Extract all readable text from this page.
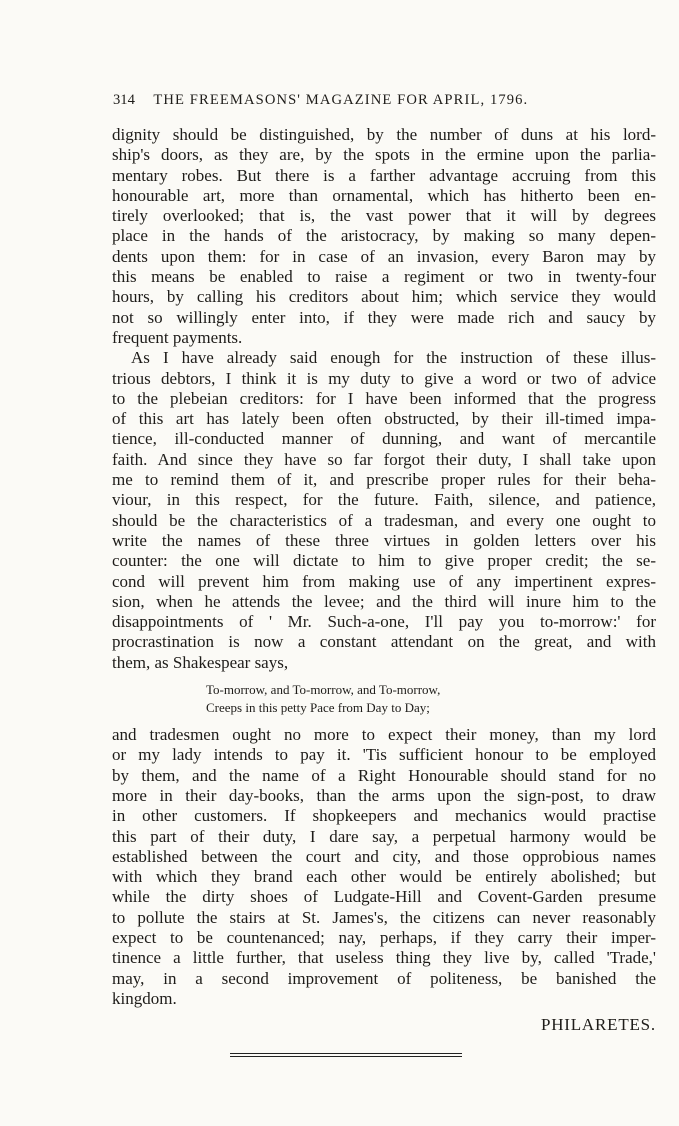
314 THE FREEMASONS' MAGAZINE FOR APRIL, 1796.
dignity should be distinguished, by the number of duns at his lord-
ship's doors, as they are, by the spots in the ermine upon the parlia-
mentary robes. But there is a farther advantage accruing from this
honourable art, more than ornamental, which has hitherto been en-
tirely overlooked; that is, the vast power that it will by degrees
place in the hands of the aristocracy, by making so many depen-
dents upon them: for in case of an invasion, every Baron may by
this means be enabled to raise a regiment or two in twenty-four
hours, by calling his creditors about him; which service they would
not so willingly enter into, if they were made rich and saucy by
frequent payments.
As I have already said enough for the instruction of these illus-
trious debtors, I think it is my duty to give a word or two of advice
to the plebeian creditors: for I have been informed that the progress
of this art has lately been often obstructed, by their ill-timed impa-
tience, ill-conducted manner of dunning, and want of mercantile
faith. And since they have so far forgot their duty, I shall take upon
me to remind them of it, and prescribe proper rules for their beha-
viour, in this respect, for the future. Faith, silence, and patience,
should be the characteristics of a tradesman, and every one ought to
write the names of these three virtues in golden letters over his
counter: the one will dictate to him to give proper credit; the se-
cond will prevent him from making use of any impertinent expres-
sion, when he attends the levee; and the third will inure him to the
disappointments of ' Mr. Such-a-one, I'll pay you to-morrow:' for
procrastination is now a constant attendant on the great, and with
them, as Shakespear says,
To-morrow, and To-morrow, and To-morrow,
Creeps in this petty Pace from Day to Day;
and tradesmen ought no more to expect their money, than my lord
or my lady intends to pay it. 'Tis sufficient honour to be employed
by them, and the name of a Right Honourable should stand for no
more in their day-books, than the arms upon the sign-post, to draw
in other customers. If shopkeepers and mechanics would practise
this part of their duty, I dare say, a perpetual harmony would be
established between the court and city, and those opprobious names
with which they brand each other would be entirely abolished; but
while the dirty shoes of Ludgate-Hill and Covent-Garden presume
to pollute the stairs at St. James's, the citizens can never reasonably
expect to be countenanced; nay, perhaps, if they carry their imper-
tinence a little further, that useless thing they live by, called 'Trade,'
may, in a second improvement of politeness, be banished the
kingdom.
PHILARETES.
